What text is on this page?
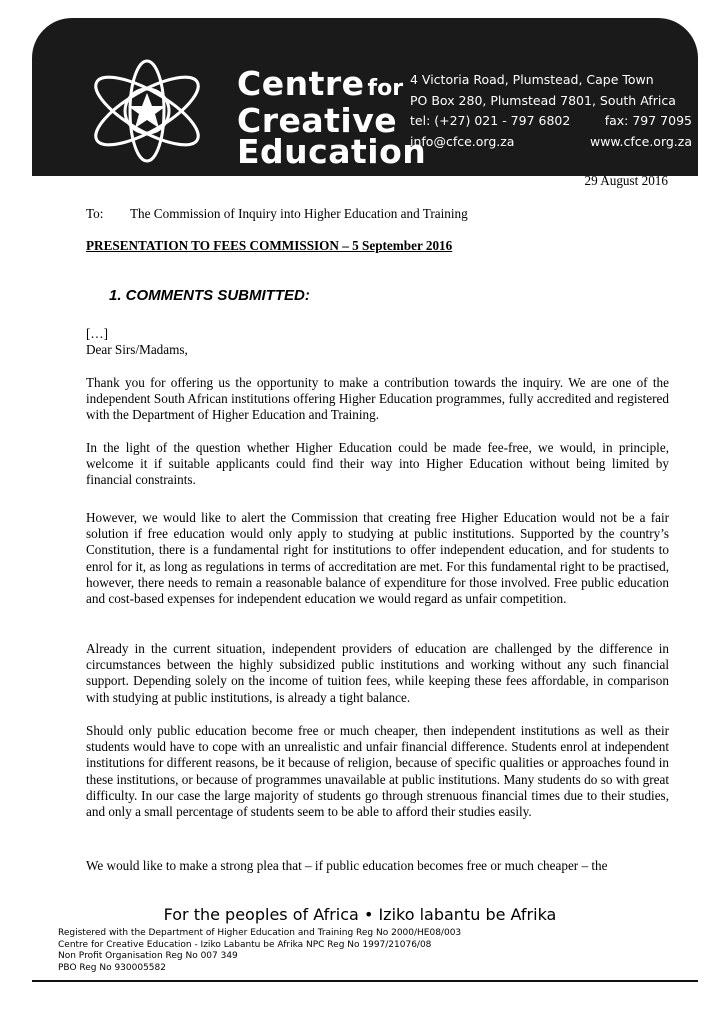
Centre for
Creative
Education
4 Victoria Road, Plumstead, Cape Town
PO Box 280, Plumstead 7801, South Africa
tel: (+27) 021 - 797 6802	fax: 797 7095
info@cfce.org.za	www.cfce.org.za
29 August 2016
To:	The Commission of Inquiry into Higher Education and Training
PRESENTATION TO FEES COMMISSION – 5 September 2016
1. COMMENTS SUBMITTED:
[…]
Dear Sirs/Madams,
Thank you for offering us the opportunity to make a contribution towards the inquiry. We are one of the independent South African institutions offering Higher Education programmes, fully accredited and registered with the Department of Higher Education and Training.
In the light of the question whether Higher Education could be made fee-free, we would, in principle, welcome it if suitable applicants could find their way into Higher Education without being limited by financial constraints.
However, we would like to alert the Commission that creating free Higher Education would not be a fair solution if free education would only apply to studying at public institutions. Supported by the country’s Constitution, there is a fundamental right for institutions to offer independent education, and for students to enrol for it, as long as regulations in terms of accreditation are met. For this fundamental right to be practised, however, there needs to remain a reasonable balance of expenditure for those involved. Free public education and cost-based expenses for independent education we would regard as unfair competition.
Already in the current situation, independent providers of education are challenged by the difference in circumstances between the highly subsidized public institutions and working without any such financial support. Depending solely on the income of tuition fees, while keeping these fees affordable, in comparison with studying at public institutions, is already a tight balance.
Should only public education become free or much cheaper, then independent institutions as well as their students would have to cope with an unrealistic and unfair financial difference. Students enrol at independent institutions for different reasons, be it because of religion, because of specific qualities or approaches found in these institutions, or because of programmes unavailable at public institutions. Many students do so with great difficulty. In our case the large majority of students go through strenuous financial times due to their studies, and only a small percentage of students seem to be able to afford their studies easily.
We would like to make a strong plea that – if public education becomes free or much cheaper – the
For the peoples of Africa • Iziko labantu be Afrika
Registered with the Department of Higher Education and Training Reg No 2000/HE08/003
Centre for Creative Education - Iziko Labantu be Afrika NPC Reg No 1997/21076/08
Non Profit Organisation Reg No 007 349
PBO Reg No 930005582
